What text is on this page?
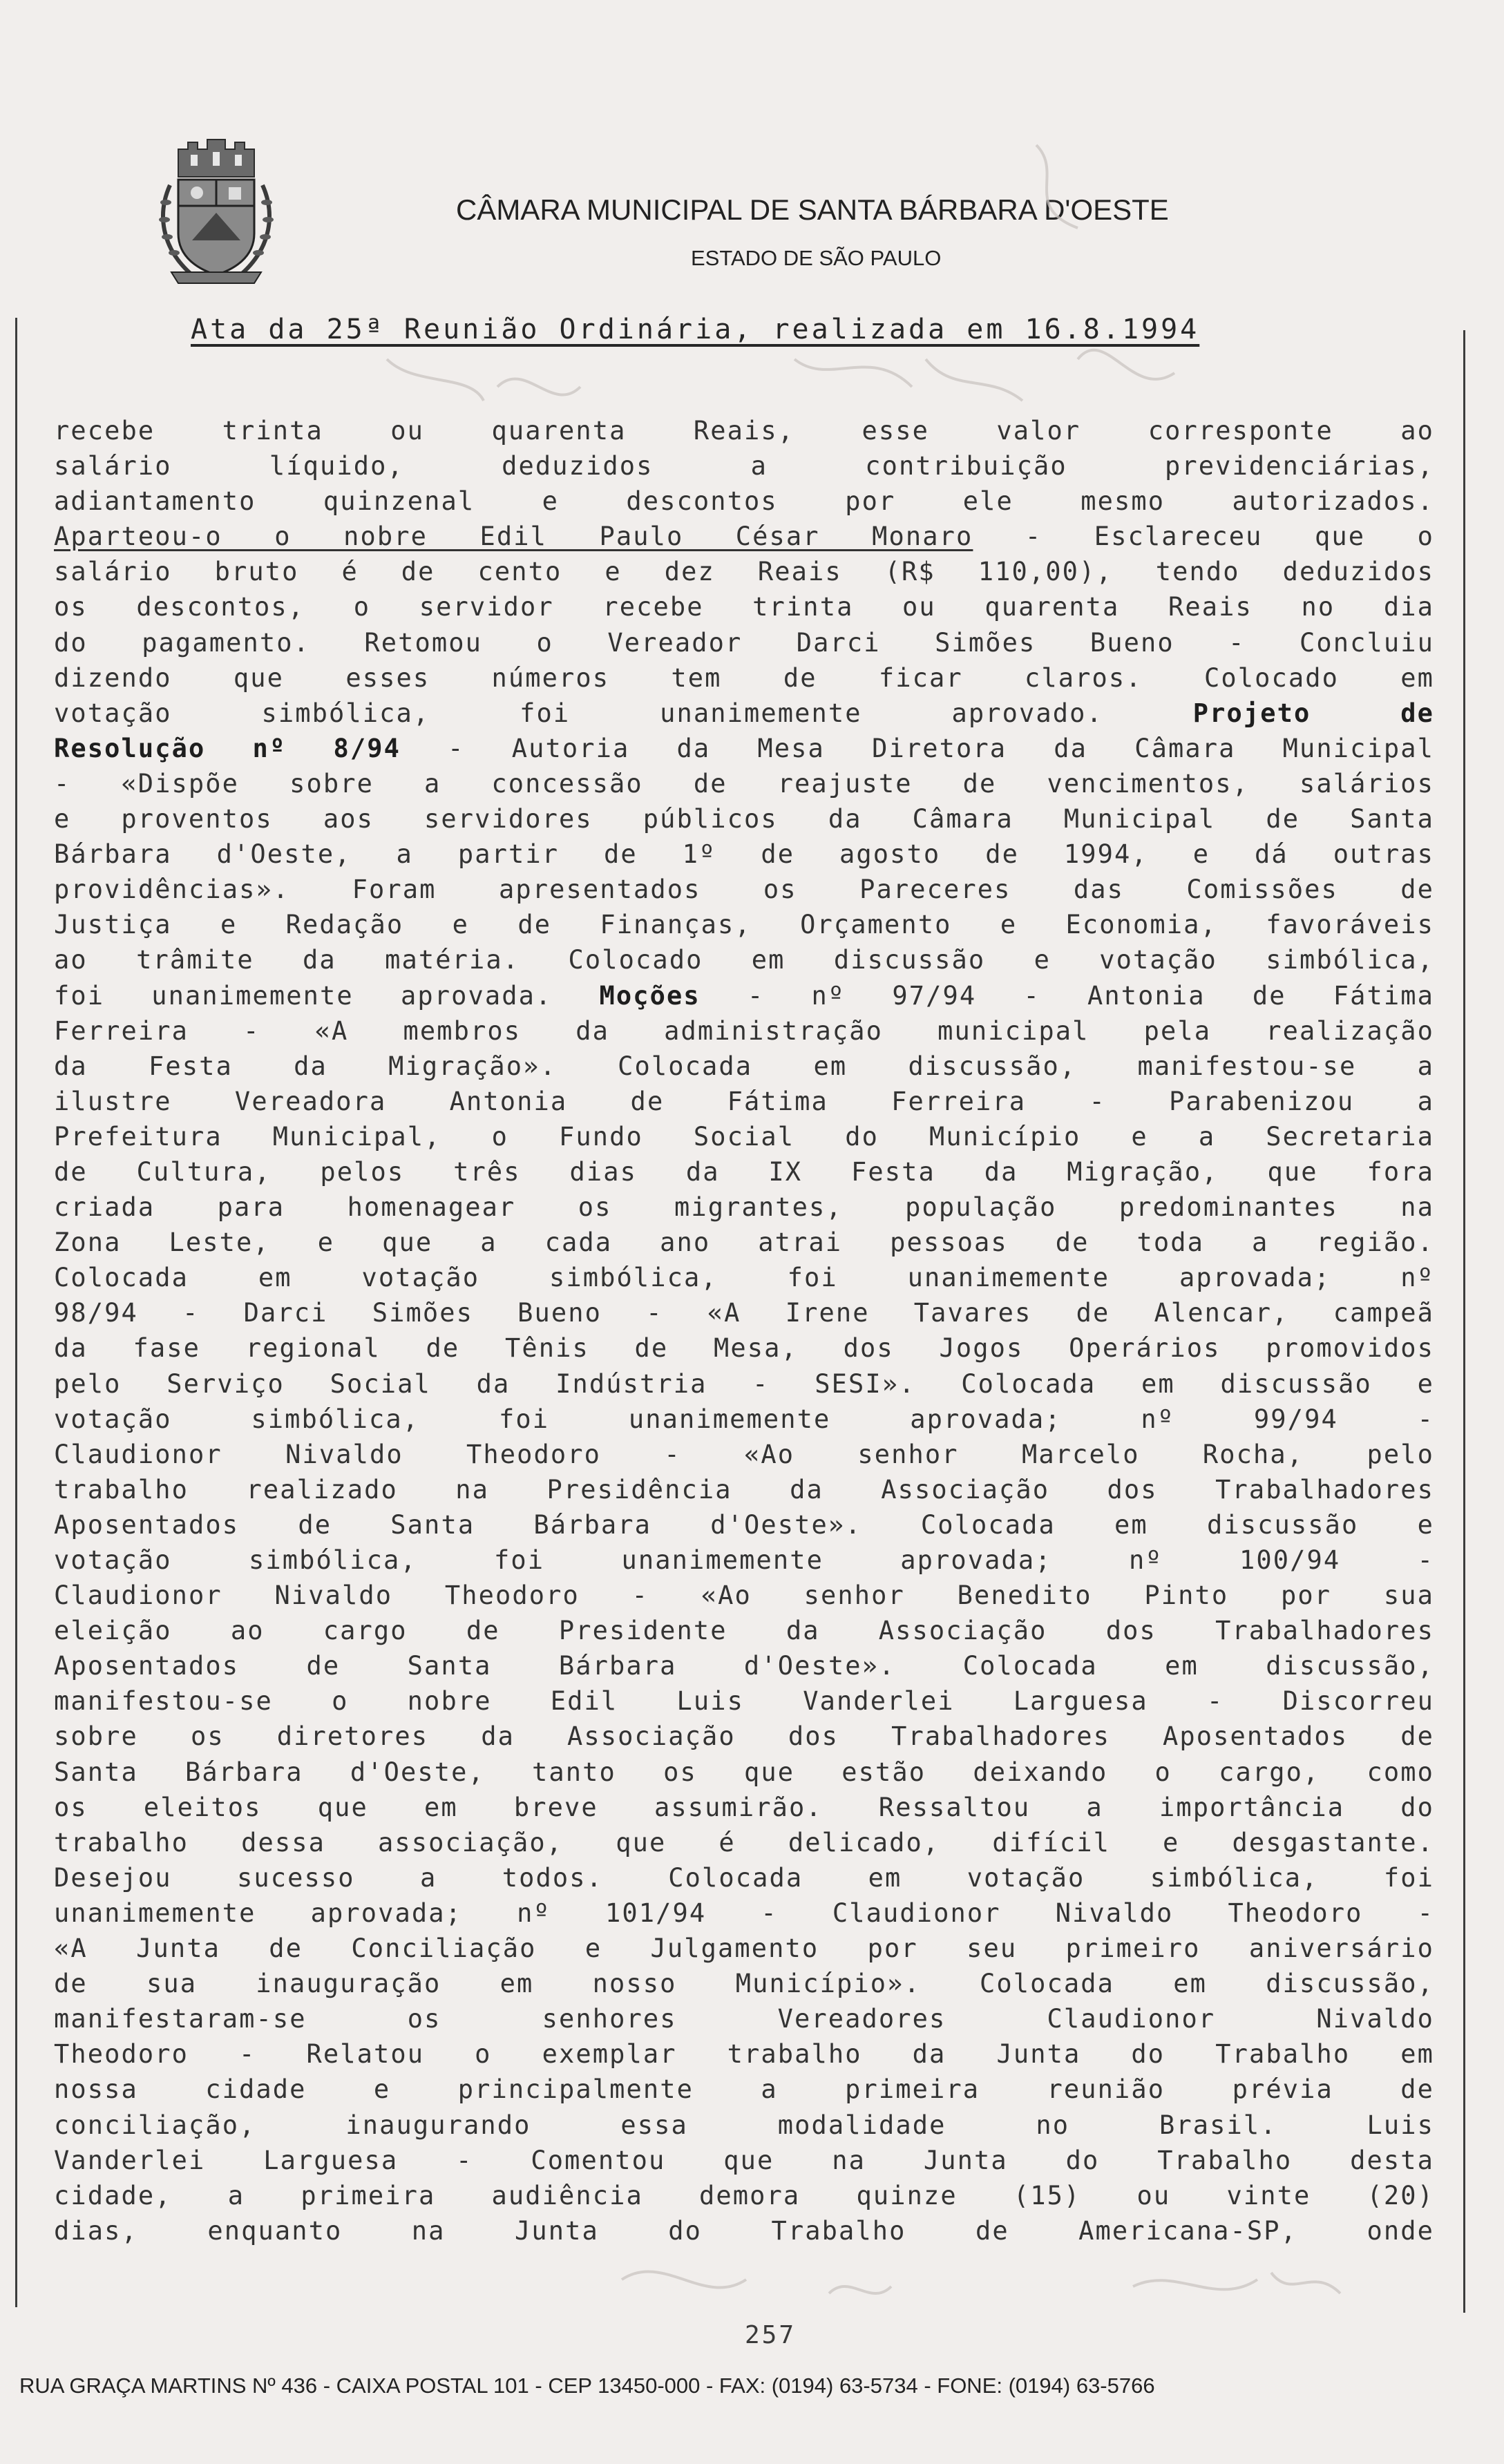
CÂMARA MUNICIPAL DE SANTA BÁRBARA D'OESTE
ESTADO DE SÃO PAULO
Ata da 25ª Reunião Ordinária, realizada em 16.8.1994
recebe trinta ou quarenta Reais, esse valor corresponte ao
salário líquido, deduzidos a contribuição previdenciárias,
adiantamento quinzenal e descontos por ele mesmo autorizados.
Aparteou-o o nobre Edil Paulo César Monaro - Esclareceu que o
salário bruto é de cento e dez Reais (R$ 110,00), tendo deduzidos
os descontos, o servidor recebe trinta ou quarenta Reais no dia
do pagamento. Retomou o Vereador Darci Simões Bueno - Concluiu
dizendo que esses números tem de ficar claros. Colocado em
votação simbólica, foi unanimemente aprovado. Projeto de
Resolução nº 8/94 - Autoria da Mesa Diretora da Câmara Municipal
- «Dispõe sobre a concessão de reajuste de vencimentos, salários
e proventos aos servidores públicos da Câmara Municipal de Santa
Bárbara d'Oeste, a partir de 1º de agosto de 1994, e dá outras
providências». Foram apresentados os Pareceres das Comissões de
Justiça e Redação e de Finanças, Orçamento e Economia, favoráveis
ao trâmite da matéria. Colocado em discussão e votação simbólica,
foi unanimemente aprovada. Moções - nº 97/94 - Antonia de Fátima
Ferreira - «A membros da administração municipal pela realização
da Festa da Migração». Colocada em discussão, manifestou-se a
ilustre Vereadora Antonia de Fátima Ferreira - Parabenizou a
Prefeitura Municipal, o Fundo Social do Município e a Secretaria
de Cultura, pelos três dias da IX Festa da Migração, que fora
criada para homenagear os migrantes, população predominantes na
Zona Leste, e que a cada ano atrai pessoas de toda a região.
Colocada em votação simbólica, foi unanimemente aprovada; nº
98/94 - Darci Simões Bueno - «A Irene Tavares de Alencar, campeã
da fase regional de Tênis de Mesa, dos Jogos Operários promovidos
pelo Serviço Social da Indústria - SESI». Colocada em discussão e
votação simbólica, foi unanimemente aprovada; nº 99/94 -
Claudionor Nivaldo Theodoro - «Ao senhor Marcelo Rocha, pelo
trabalho realizado na Presidência da Associação dos Trabalhadores
Aposentados de Santa Bárbara d'Oeste». Colocada em discussão e
votação simbólica, foi unanimemente aprovada; nº 100/94 -
Claudionor Nivaldo Theodoro - «Ao senhor Benedito Pinto por sua
eleição ao cargo de Presidente da Associação dos Trabalhadores
Aposentados de Santa Bárbara d'Oeste». Colocada em discussão,
manifestou-se o nobre Edil Luis Vanderlei Larguesa - Discorreu
sobre os diretores da Associação dos Trabalhadores Aposentados de
Santa Bárbara d'Oeste, tanto os que estão deixando o cargo, como
os eleitos que em breve assumirão. Ressaltou a importância do
trabalho dessa associação, que é delicado, difícil e desgastante.
Desejou sucesso a todos. Colocada em votação simbólica, foi
unanimemente aprovada; nº 101/94 - Claudionor Nivaldo Theodoro -
«A Junta de Conciliação e Julgamento por seu primeiro aniversário
de sua inauguração em nosso Município». Colocada em discussão,
manifestaram-se os senhores Vereadores Claudionor Nivaldo
Theodoro - Relatou o exemplar trabalho da Junta do Trabalho em
nossa cidade e principalmente a primeira reunião prévia de
conciliação, inaugurando essa modalidade no Brasil. Luis
Vanderlei Larguesa - Comentou que na Junta do Trabalho desta
cidade, a primeira audiência demora quinze (15) ou vinte (20)
dias, enquanto na Junta do Trabalho de Americana-SP, onde
257
RUA GRAÇA MARTINS Nº 436 - CAIXA POSTAL 101 - CEP 13450-000 - FAX: (0194) 63-5734 - FONE: (0194) 63-5766
